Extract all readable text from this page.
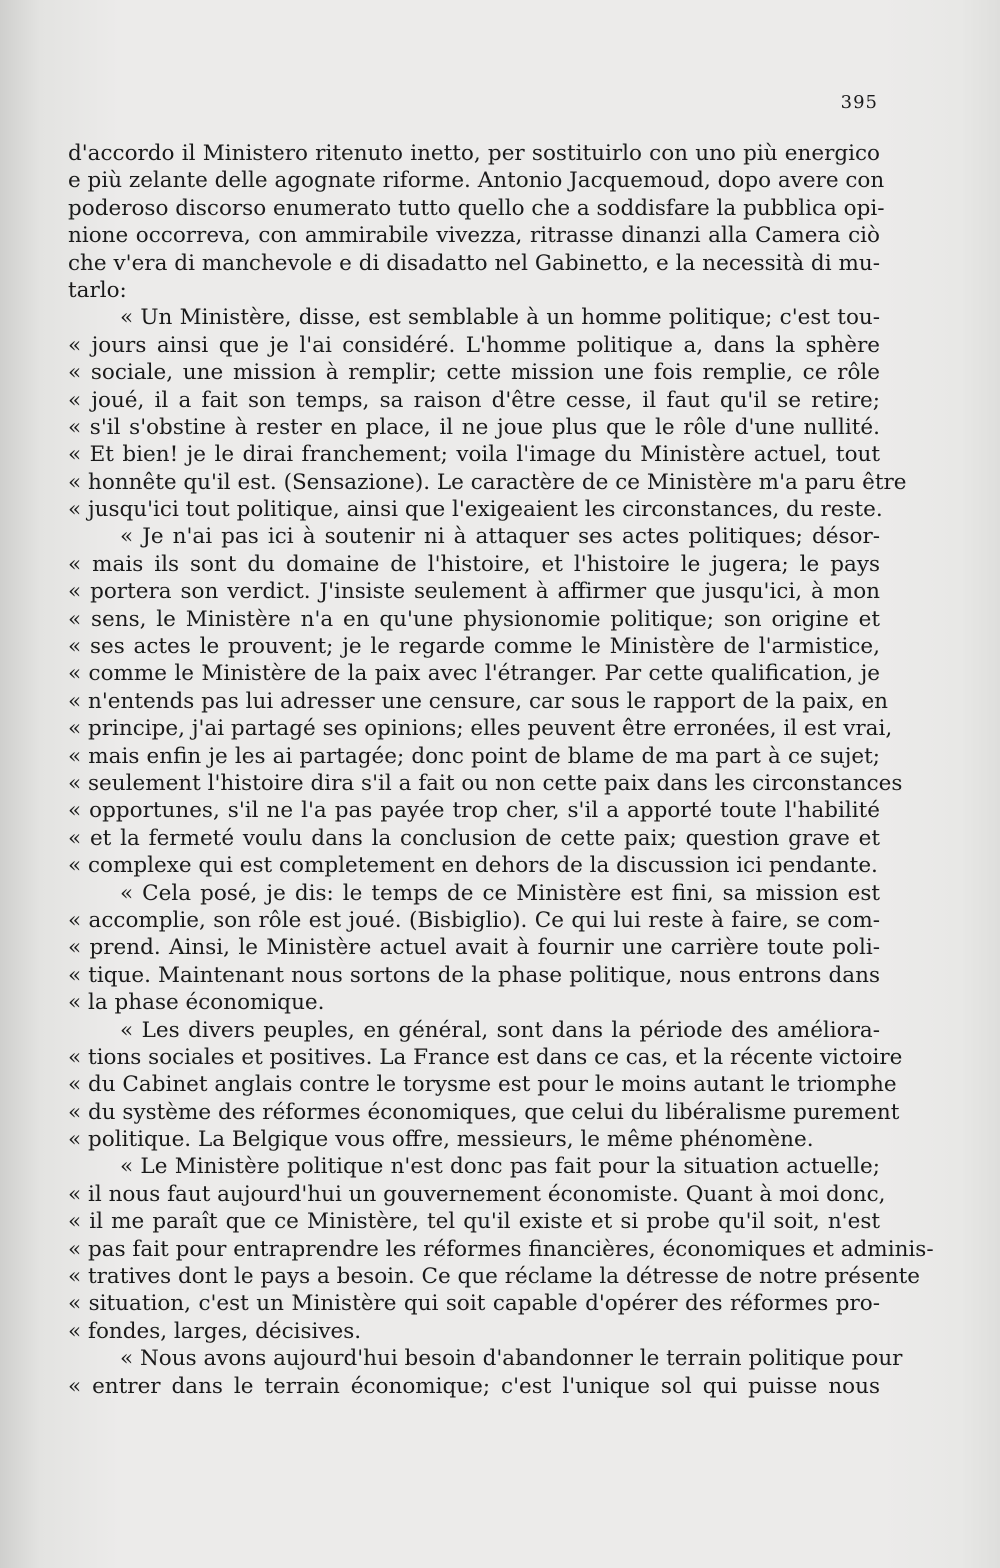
395
d'accordo il Ministero ritenuto inetto, per sostituirlo con uno più energico
e più zelante delle agognate riforme. Antonio Jacquemoud, dopo avere con
poderoso discorso enumerato tutto quello che a soddisfare la pubblica opi-
nione occorreva, con ammirabile vivezza, ritrasse dinanzi alla Camera ciò
che v'era di manchevole e di disadatto nel Gabinetto, e la necessità di mu-
tarlo:
« Un Ministère, disse, est semblable à un homme politique; c'est tou-
« jours ainsi que je l'ai considéré. L'homme politique a, dans la sphère
« sociale, une mission à remplir; cette mission une fois remplie, ce rôle
« joué, il a fait son temps, sa raison d'être cesse, il faut qu'il se retire;
« s'il s'obstine à rester en place, il ne joue plus que le rôle d'une nullité.
« Et bien! je le dirai franchement; voila l'image du Ministère actuel, tout
« honnête qu'il est. (Sensazione). Le caractère de ce Ministère m'a paru être
« jusqu'ici tout politique, ainsi que l'exigeaient les circonstances, du reste.
« Je n'ai pas ici à soutenir ni à attaquer ses actes politiques; désor-
« mais ils sont du domaine de l'histoire, et l'histoire le jugera; le pays
« portera son verdict. J'insiste seulement à affirmer que jusqu'ici, à mon
« sens, le Ministère n'a en qu'une physionomie politique; son origine et
« ses actes le prouvent; je le regarde comme le Ministère de l'armistice,
« comme le Ministère de la paix avec l'étranger. Par cette qualification, je
« n'entends pas lui adresser une censure, car sous le rapport de la paix, en
« principe, j'ai partagé ses opinions; elles peuvent être erronées, il est vrai,
« mais enfin je les ai partagée; donc point de blame de ma part à ce sujet;
« seulement l'histoire dira s'il a fait ou non cette paix dans les circonstances
« opportunes, s'il ne l'a pas payée trop cher, s'il a apporté toute l'habilité
« et la fermeté voulu dans la conclusion de cette paix; question grave et
« complexe qui est completement en dehors de la discussion ici pendante.
« Cela posé, je dis: le temps de ce Ministère est fini, sa mission est
« accomplie, son rôle est joué. (Bisbiglio). Ce qui lui reste à faire, se com-
« prend. Ainsi, le Ministère actuel avait à fournir une carrière toute poli-
« tique. Maintenant nous sortons de la phase politique, nous entrons dans
« la phase économique.
« Les divers peuples, en général, sont dans la période des améliora-
« tions sociales et positives. La France est dans ce cas, et la récente victoire
« du Cabinet anglais contre le torysme est pour le moins autant le triomphe
« du système des réformes économiques, que celui du libéralisme purement
« politique. La Belgique vous offre, messieurs, le même phénomène.
« Le Ministère politique n'est donc pas fait pour la situation actuelle;
« il nous faut aujourd'hui un gouvernement économiste. Quant à moi donc,
« il me paraît que ce Ministère, tel qu'il existe et si probe qu'il soit, n'est
« pas fait pour entraprendre les réformes financières, économiques et adminis-
« tratives dont le pays a besoin. Ce que réclame la détresse de notre présente
« situation, c'est un Ministère qui soit capable d'opérer des réformes pro-
« fondes, larges, décisives.
« Nous avons aujourd'hui besoin d'abandonner le terrain politique pour
« entrer dans le terrain économique; c'est l'unique sol qui puisse nous
